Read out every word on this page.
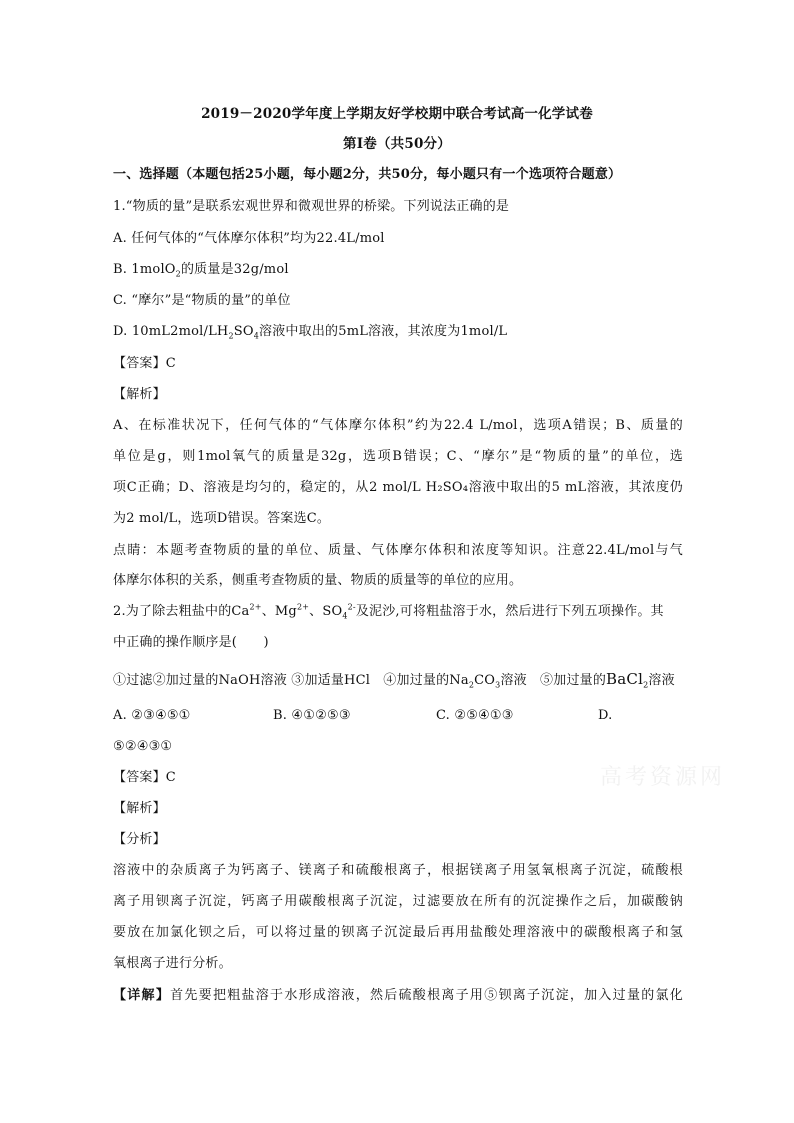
2019－2020学年度上学期友好学校期中联合考试高一化学试卷
第Ⅰ卷（共50分）
一、选择题（本题包括25小题，每小题2分，共50分，每小题只有一个选项符合题意）
1.“物质的量”是联系宏观世界和微观世界的桥梁。下列说法正确的是
A. 任何气体的“气体摩尔体积”均为22.4L/mol
B. 1molO$_2$的质量是32g/mol
C. “摩尔”是“物质的量”的单位
D. $10mL2mol/LH_2SO_4$溶液中取出的5mL溶液，其浓度为1mol/L
【答案】C
【解析】
A、在标准状况下，任何气体的“气体摩尔体积”约为22.4 L/mol，选项A错误；B、质量的
单位是g，则1mol氧气的质量是32g，选项B错误；C、“摩尔”是“物质的量”的单位，选
项C正确；D、溶液是均匀的，稳定的，从2 mol/L H₂SO₄溶液中取出的5 mL溶液，其浓度仍
为2 mol/L，选项D错误。答案选C。
点睛：本题考查物质的量的单位、质量、气体摩尔体积和浓度等知识。注意22.4L/mol与气
体摩尔体积的关系，侧重考查物质的量、物质的质量等的单位的应用。
2.为了除去粗盐中的$Ca^{2+}$、$Mg^{2+}$、$SO_4^{2-}$及泥沙,可将粗盐溶于水，然后进行下列五项操作。其
中正确的操作顺序是(　　)
①过滤②加过量的NaOH溶液 ③加适量HCl　④加过量的$Na_2CO_3$溶液　⑤加过量的BaCl$_2$溶液
A. ②③④⑤①	B. ④①②⑤③	C. ②⑤④①③	D.
⑤②④③①
【答案】C
【解析】
【分析】
溶液中的杂质离子为钙离子、镁离子和硫酸根离子，根据镁离子用氢氧根离子沉淀，硫酸根
离子用钡离子沉淀，钙离子用碳酸根离子沉淀，过滤要放在所有的沉淀操作之后，加碳酸钠
要放在加氯化钡之后，可以将过量的钡离子沉淀最后再用盐酸处理溶液中的碳酸根离子和氢
氧根离子进行分析。
【详解】首先要把粗盐溶于水形成溶液，然后硫酸根离子用⑤钡离子沉淀，加入过量的氯化
高考资源网
